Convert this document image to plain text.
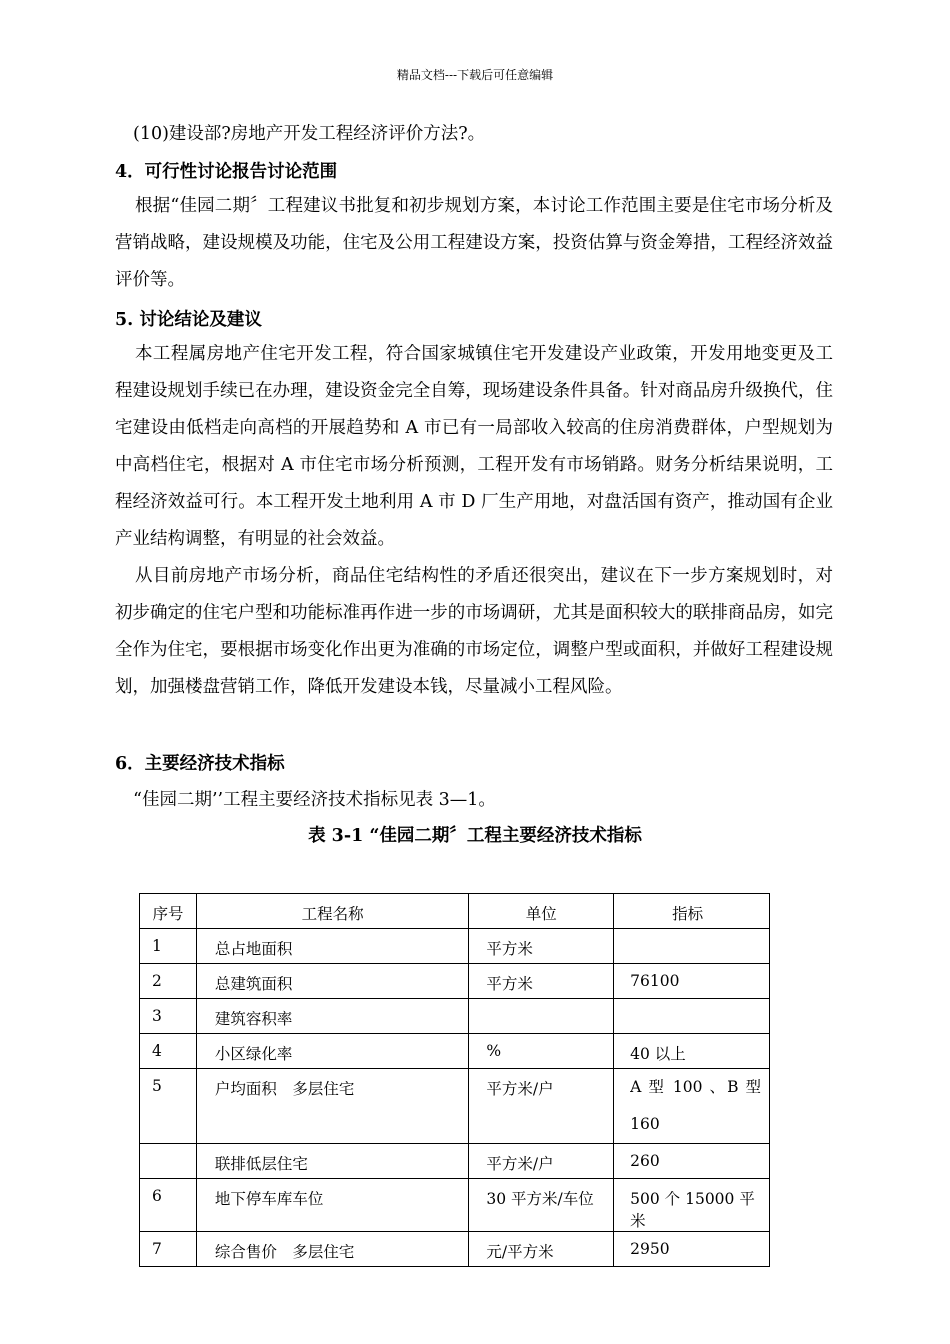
精品文档---下载后可任意编辑

(10)建设部?房地产开发工程经济评价方法?。

4．可行性讨论报告讨论范围

根据“佳园二期〞工程建议书批复和初步规划方案，本讨论工作范围主要是住宅市场分析及营销战略，建设规模及功能，住宅及公用工程建设方案，投资估算与资金筹措，工程经济效益评价等。

5. 讨论结论及建议

本工程属房地产住宅开发工程，符合国家城镇住宅开发建设产业政策，开发用地变更及工程建设规划手续已在办理，建设资金完全自筹，现场建设条件具备。针对商品房升级换代，住宅建设由低档走向高档的开展趋势和 A 市已有一局部收入较高的住房消费群体，户型规划为中高档住宅，根据对 A 市住宅市场分析预测，工程开发有市场销路。财务分析结果说明，工程经济效益可行。本工程开发土地利用 A 市 D 厂生产用地，对盘活国有资产，推动国有企业产业结构调整，有明显的社会效益。

从目前房地产市场分析，商品住宅结构性的矛盾还很突出，建议在下一步方案规划时，对初步确定的住宅户型和功能标准再作进一步的市场调研，尤其是面积较大的联排商品房，如完全作为住宅，要根据市场变化作出更为准确的市场定位，调整户型或面积，并做好工程建设规划，加强楼盘营销工作，降低开发建设本钱，尽量减小工程风险。

6．主要经济技术指标

“佳园二期’’工程主要经济技术指标见表 3—1。

表 3-1 “佳园二期〞工程主要经济技术指标
序号	工程名称	单位	指标
1	总占地面积	平方米	
2	总建筑面积	平方米	76100
3	建筑容积率		
4	小区绿化率	%	40 以上
5	户均面积　多层住宅	平方米/户	A 型 100 、B 型 160
	联排低层住宅	平方米/户	260
6	地下停车库车位	30 平方米/车位	500 个 15000 平米
7	综合售价　多层住宅	元/平方米	2950
